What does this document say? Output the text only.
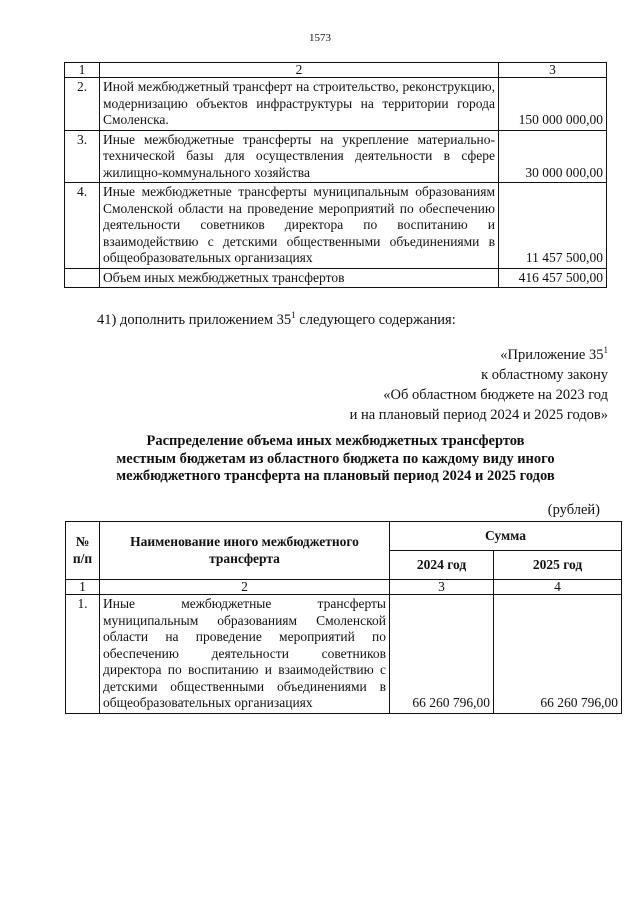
1573
1	2	3
2.	Иной межбюджетный трансферт на строительство, реконструкцию, модернизацию объектов инфраструктуры на территории города Смоленска.	150 000 000,00
3.	Иные межбюджетные трансферты на укрепление материально-технической базы для осуществления деятельности в сфере жилищно-коммунального хозяйства	30 000 000,00
4.	Иные межбюджетные трансферты муниципальным образованиям Смоленской области на проведение мероприятий по обеспечению деятельности советников директора по воспитанию и взаимодействию с детскими общественными объединениями в общеобразовательных организациях	11 457 500,00
	Объем иных межбюджетных трансфертов	416 457 500,00
41) дополнить приложением $35^1$ следующего содержания:
«Приложение $35^1$
к областному закону
«Об областном бюджете на 2023 год
и на плановый период 2024 и 2025 годов»
Распределение объема иных межбюджетных трансфертов
местным бюджетам из областного бюджета по каждому виду иного
межбюджетного трансферта на плановый период 2024 и 2025 годов
(рублей)
№ п/п	Наименование иного межбюджетного трансферта	Сумма	
		2024 год	2025 год
1	2	3	4
1.	Иные межбюджетные трансферты муниципальным образованиям Смоленской области на проведение мероприятий по обеспечению деятельности советников директора по воспитанию и взаимодействию с детскими общественными объединениями в общеобразовательных организациях	66 260 796,00	66 260 796,00
